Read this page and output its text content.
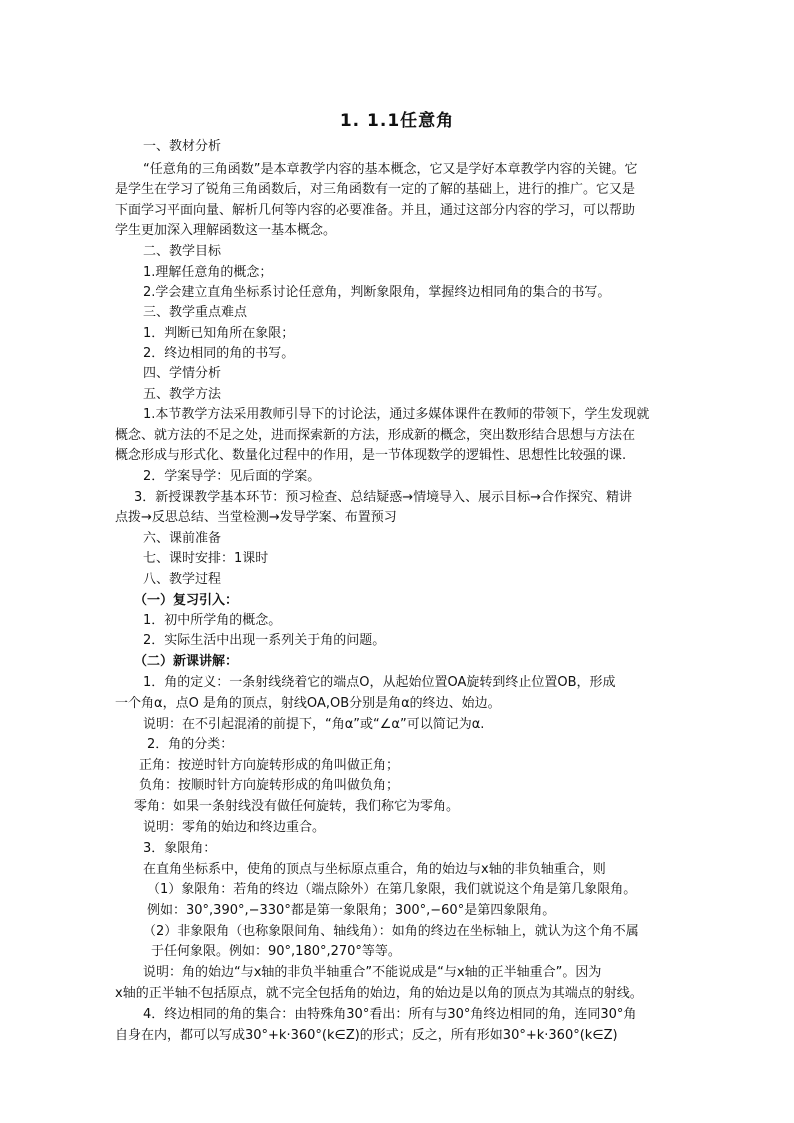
1. 1.1任意角
一、教材分析
“任意角的三角函数”是本章教学内容的基本概念，它又是学好本章教学内容的关键。它
是学生在学习了锐角三角函数后，对三角函数有一定的了解的基础上，进行的推广。它又是
下面学习平面向量、解析几何等内容的必要准备。并且，通过这部分内容的学习，可以帮助
学生更加深入理解函数这一基本概念。
二、教学目标
1.理解任意角的概念；
2.学会建立直角坐标系讨论任意角，判断象限角，掌握终边相同角的集合的书写。
三、教学重点难点
1．判断已知角所在象限；
2．终边相同的角的书写。
四、学情分析
五、教学方法
1.本节教学方法采用教师引导下的讨论法，通过多媒体课件在教师的带领下，学生发现就
概念、就方法的不足之处，进而探索新的方法，形成新的概念，突出数形结合思想与方法在
概念形成与形式化、数量化过程中的作用，是一节体现数学的逻辑性、思想性比较强的课.
2．学案导学：见后面的学案。
3．新授课教学基本环节：预习检查、总结疑惑→情境导入、展示目标→合作探究、精讲
点拨→反思总结、当堂检测→发导学案、布置预习
六、课前准备
七、课时安排：1课时
八、教学过程
（一）复习引入：
1．初中所学角的概念。
2．实际生活中出现一系列关于角的问题。
（二）新课讲解：
1．角的定义：一条射线绕着它的端点O，从起始位置OA旋转到终止位置OB，形成
一个角α，点O 是角的顶点，射线OA,OB分别是角α的终边、始边。
说明：在不引起混淆的前提下，“角α”或“∠α”可以简记为α.
2．角的分类：
正角：按逆时针方向旋转形成的角叫做正角；
负角：按顺时针方向旋转形成的角叫做负角；
零角：如果一条射线没有做任何旋转，我们称它为零角。
说明：零角的始边和终边重合。
3．象限角：
在直角坐标系中，使角的顶点与坐标原点重合，角的始边与x轴的非负轴重合，则
（1）象限角：若角的终边（端点除外）在第几象限，我们就说这个角是第几象限角。
例如：30°,390°,−330°都是第一象限角；300°,−60°是第四象限角。
（2）非象限角（也称象限间角、轴线角）：如角的终边在坐标轴上，就认为这个角不属
于任何象限。例如：90°,180°,270°等等。
说明：角的始边“与x轴的非负半轴重合”不能说成是“与x轴的正半轴重合”。因为
x轴的正半轴不包括原点，就不完全包括角的始边，角的始边是以角的顶点为其端点的射线。
4．终边相同的角的集合：由特殊角30°看出：所有与30°角终边相同的角，连同30°角
自身在内，都可以写成30°+k·360°(k∈Z)的形式；反之，所有形如30°+k·360°(k∈Z)
